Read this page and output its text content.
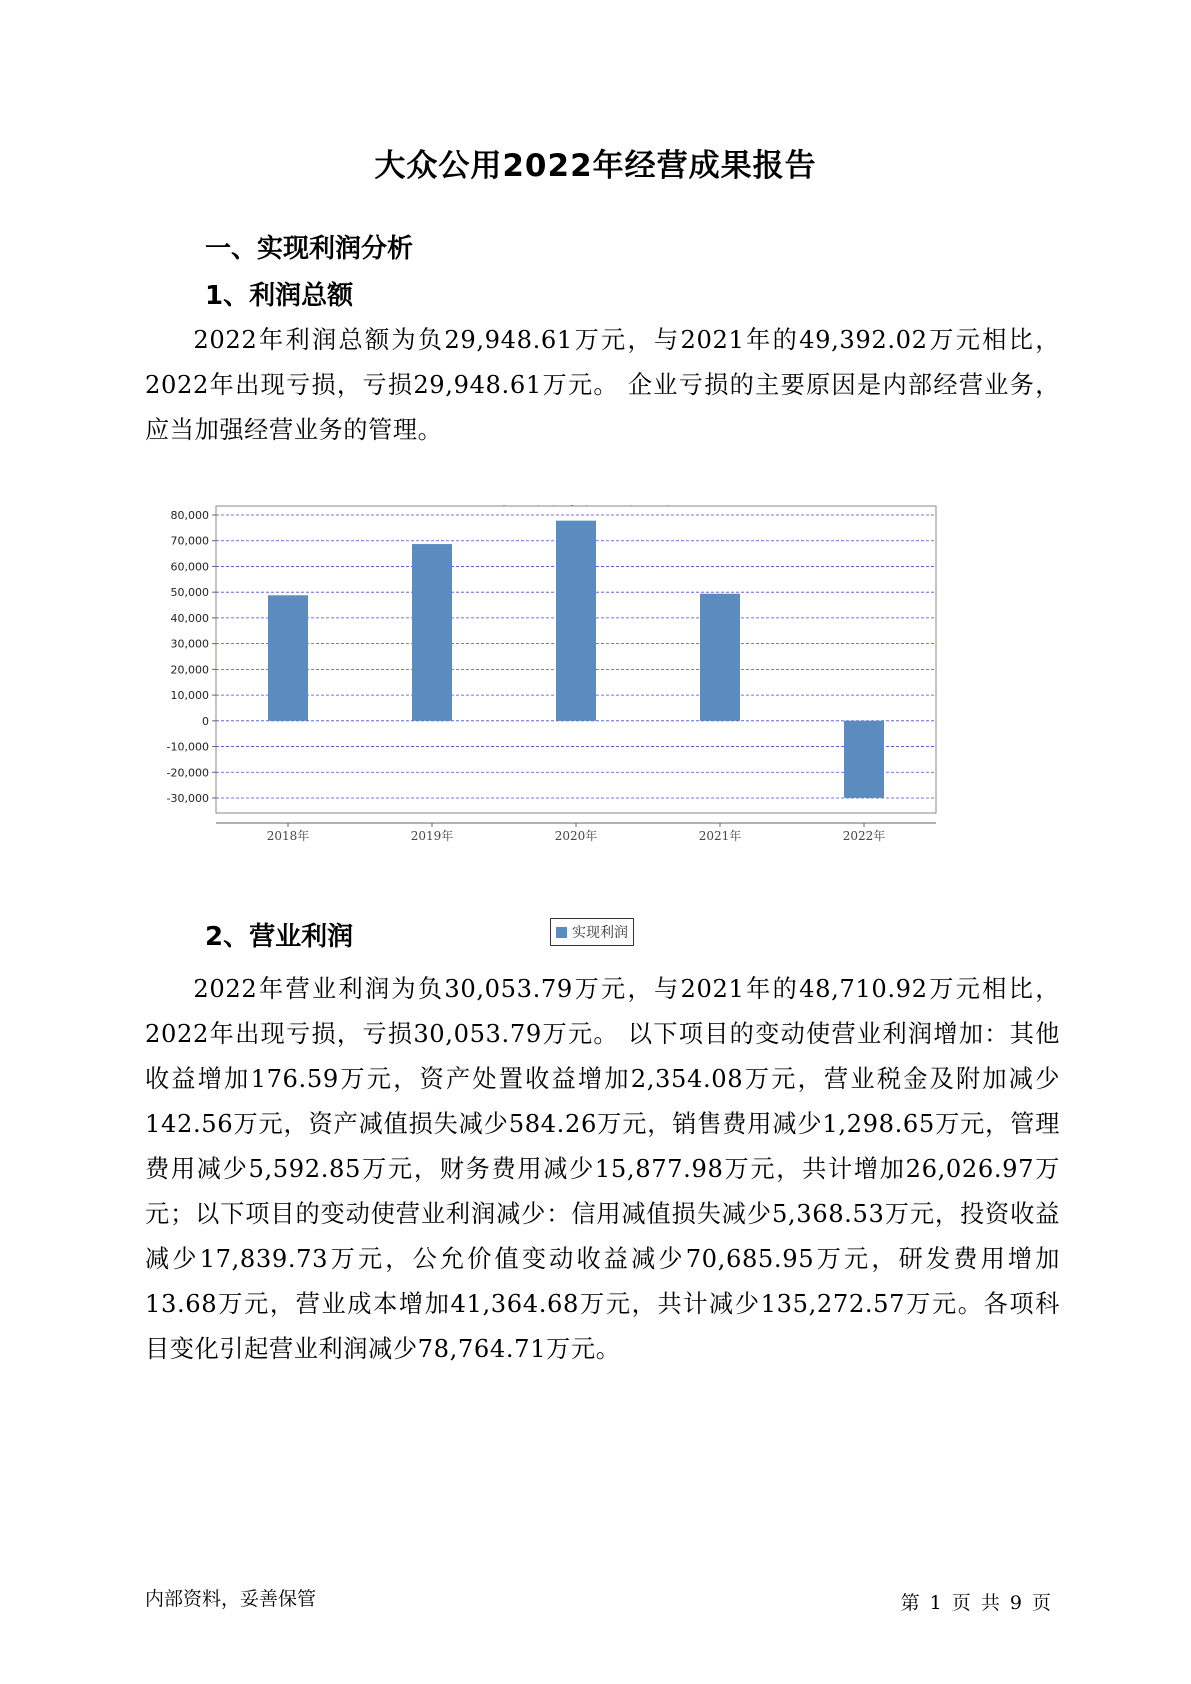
大众公用2022年经营成果报告
一、实现利润分析
1、利润总额

2022年利润总额为负29,948.61万元，与2021年的49,392.02万元相比，2022年出现亏损，亏损29,948.61万元。 企业亏损的主要原因是内部经营业务，应当加强经营业务的管理。

80,000
70,000
60,000
50,000
40,000
30,000
20,000
10,000
0
-10,000
-20,000
-30,000
2018年	2019年	2020年	2021年	2022年
实现利润
2、营业利润

2022年营业利润为负30,053.79万元，与2021年的48,710.92万元相比，2022年出现亏损，亏损30,053.79万元。 以下项目的变动使营业利润增加：其他收益增加176.59万元，资产处置收益增加2,354.08万元，营业税金及附加减少142.56万元，资产减值损失减少584.26万元，销售费用减少1,298.65万元，管理费用减少5,592.85万元，财务费用减少15,877.98万元，共计增加26,026.97万元；以下项目的变动使营业利润减少：信用减值损失减少5,368.53万元，投资收益减少17,839.73万元，公允价值变动收益减少70,685.95万元，研发费用增加13.68万元，营业成本增加41,364.68万元，共计减少135,272.57万元。各项科目变化引起营业利润减少78,764.71万元。

内部资料，妥善保管	第 1 页 共 9 页
